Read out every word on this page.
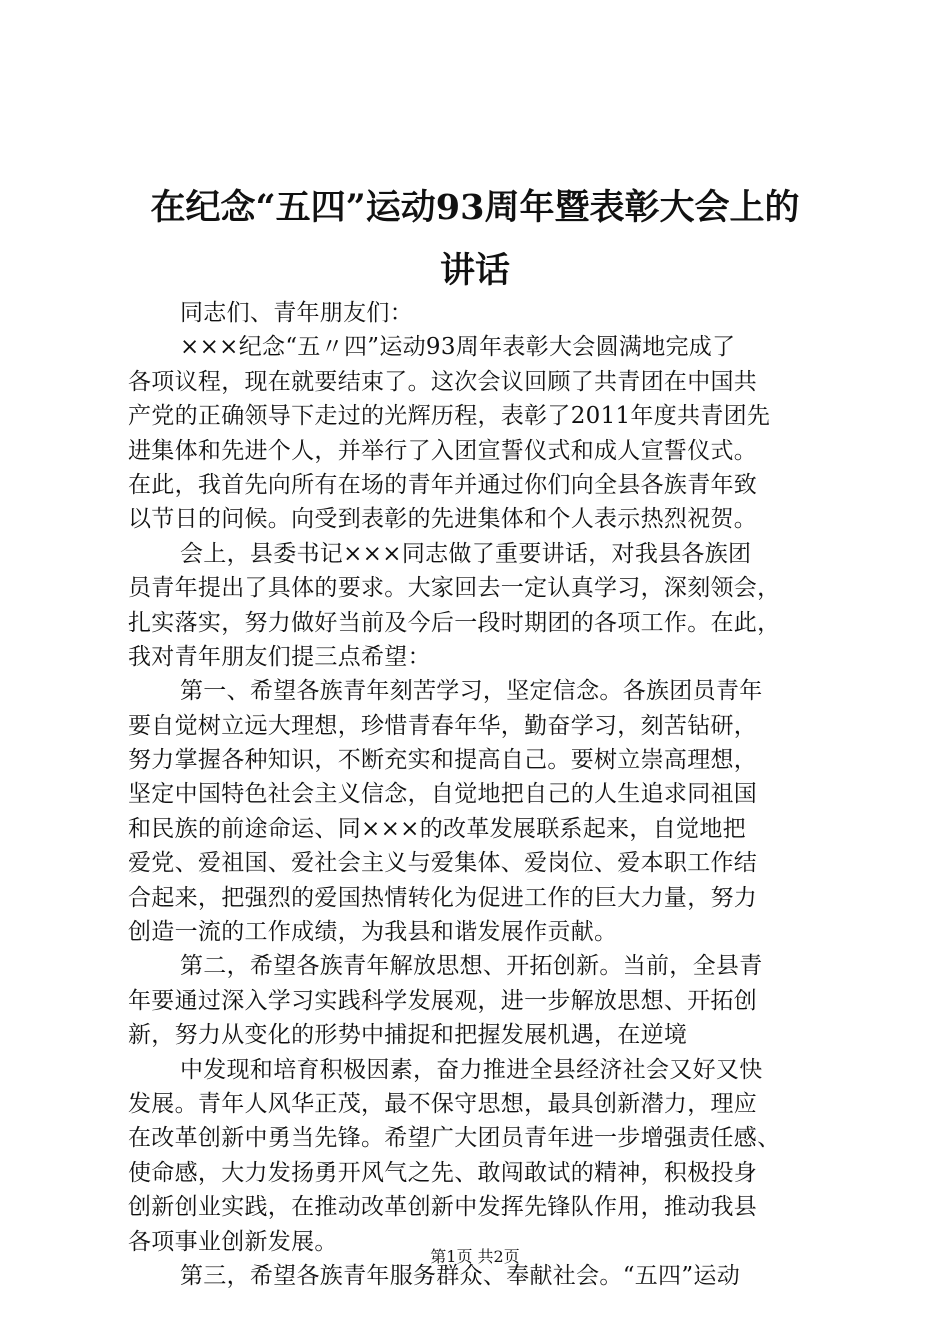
在纪念“五四”运动93周年暨表彰大会上的
讲话
同志们、青年朋友们：
×××纪念“五〃四”运动93周年表彰大会圆满地完成了
各项议程，现在就要结束了。这次会议回顾了共青团在中国共
产党的正确领导下走过的光辉历程，表彰了2011年度共青团先
进集体和先进个人，并举行了入团宣誓仪式和成人宣誓仪式。
在此，我首先向所有在场的青年并通过你们向全县各族青年致
以节日的问候。向受到表彰的先进集体和个人表示热烈祝贺。
会上，县委书记×××同志做了重要讲话，对我县各族团
员青年提出了具体的要求。大家回去一定认真学习，深刻领会，
扎实落实，努力做好当前及今后一段时期团的各项工作。在此，
我对青年朋友们提三点希望：
第一、希望各族青年刻苦学习，坚定信念。各族团员青年
要自觉树立远大理想，珍惜青春年华，勤奋学习，刻苦钻研，
努力掌握各种知识，不断充实和提高自己。要树立崇高理想，
坚定中国特色社会主义信念，自觉地把自己的人生追求同祖国
和民族的前途命运、同×××的改革发展联系起来，自觉地把
爱党、爱祖国、爱社会主义与爱集体、爱岗位、爱本职工作结
合起来，把强烈的爱国热情转化为促进工作的巨大力量，努力
创造一流的工作成绩，为我县和谐发展作贡献。
第二，希望各族青年解放思想、开拓创新。当前，全县青
年要通过深入学习实践科学发展观，进一步解放思想、开拓创
新，努力从变化的形势中捕捉和把握发展机遇，在逆境
中发现和培育积极因素，奋力推进全县经济社会又好又快
发展。青年人风华正茂，最不保守思想，最具创新潜力，理应
在改革创新中勇当先锋。希望广大团员青年进一步增强责任感、
使命感，大力发扬勇开风气之先、敢闯敢试的精神，积极投身
创新创业实践，在推动改革创新中发挥先锋队作用，推动我县
各项事业创新发展。
第三，希望各族青年服务群众、奉献社会。“五四”运动
第1页 共2页
